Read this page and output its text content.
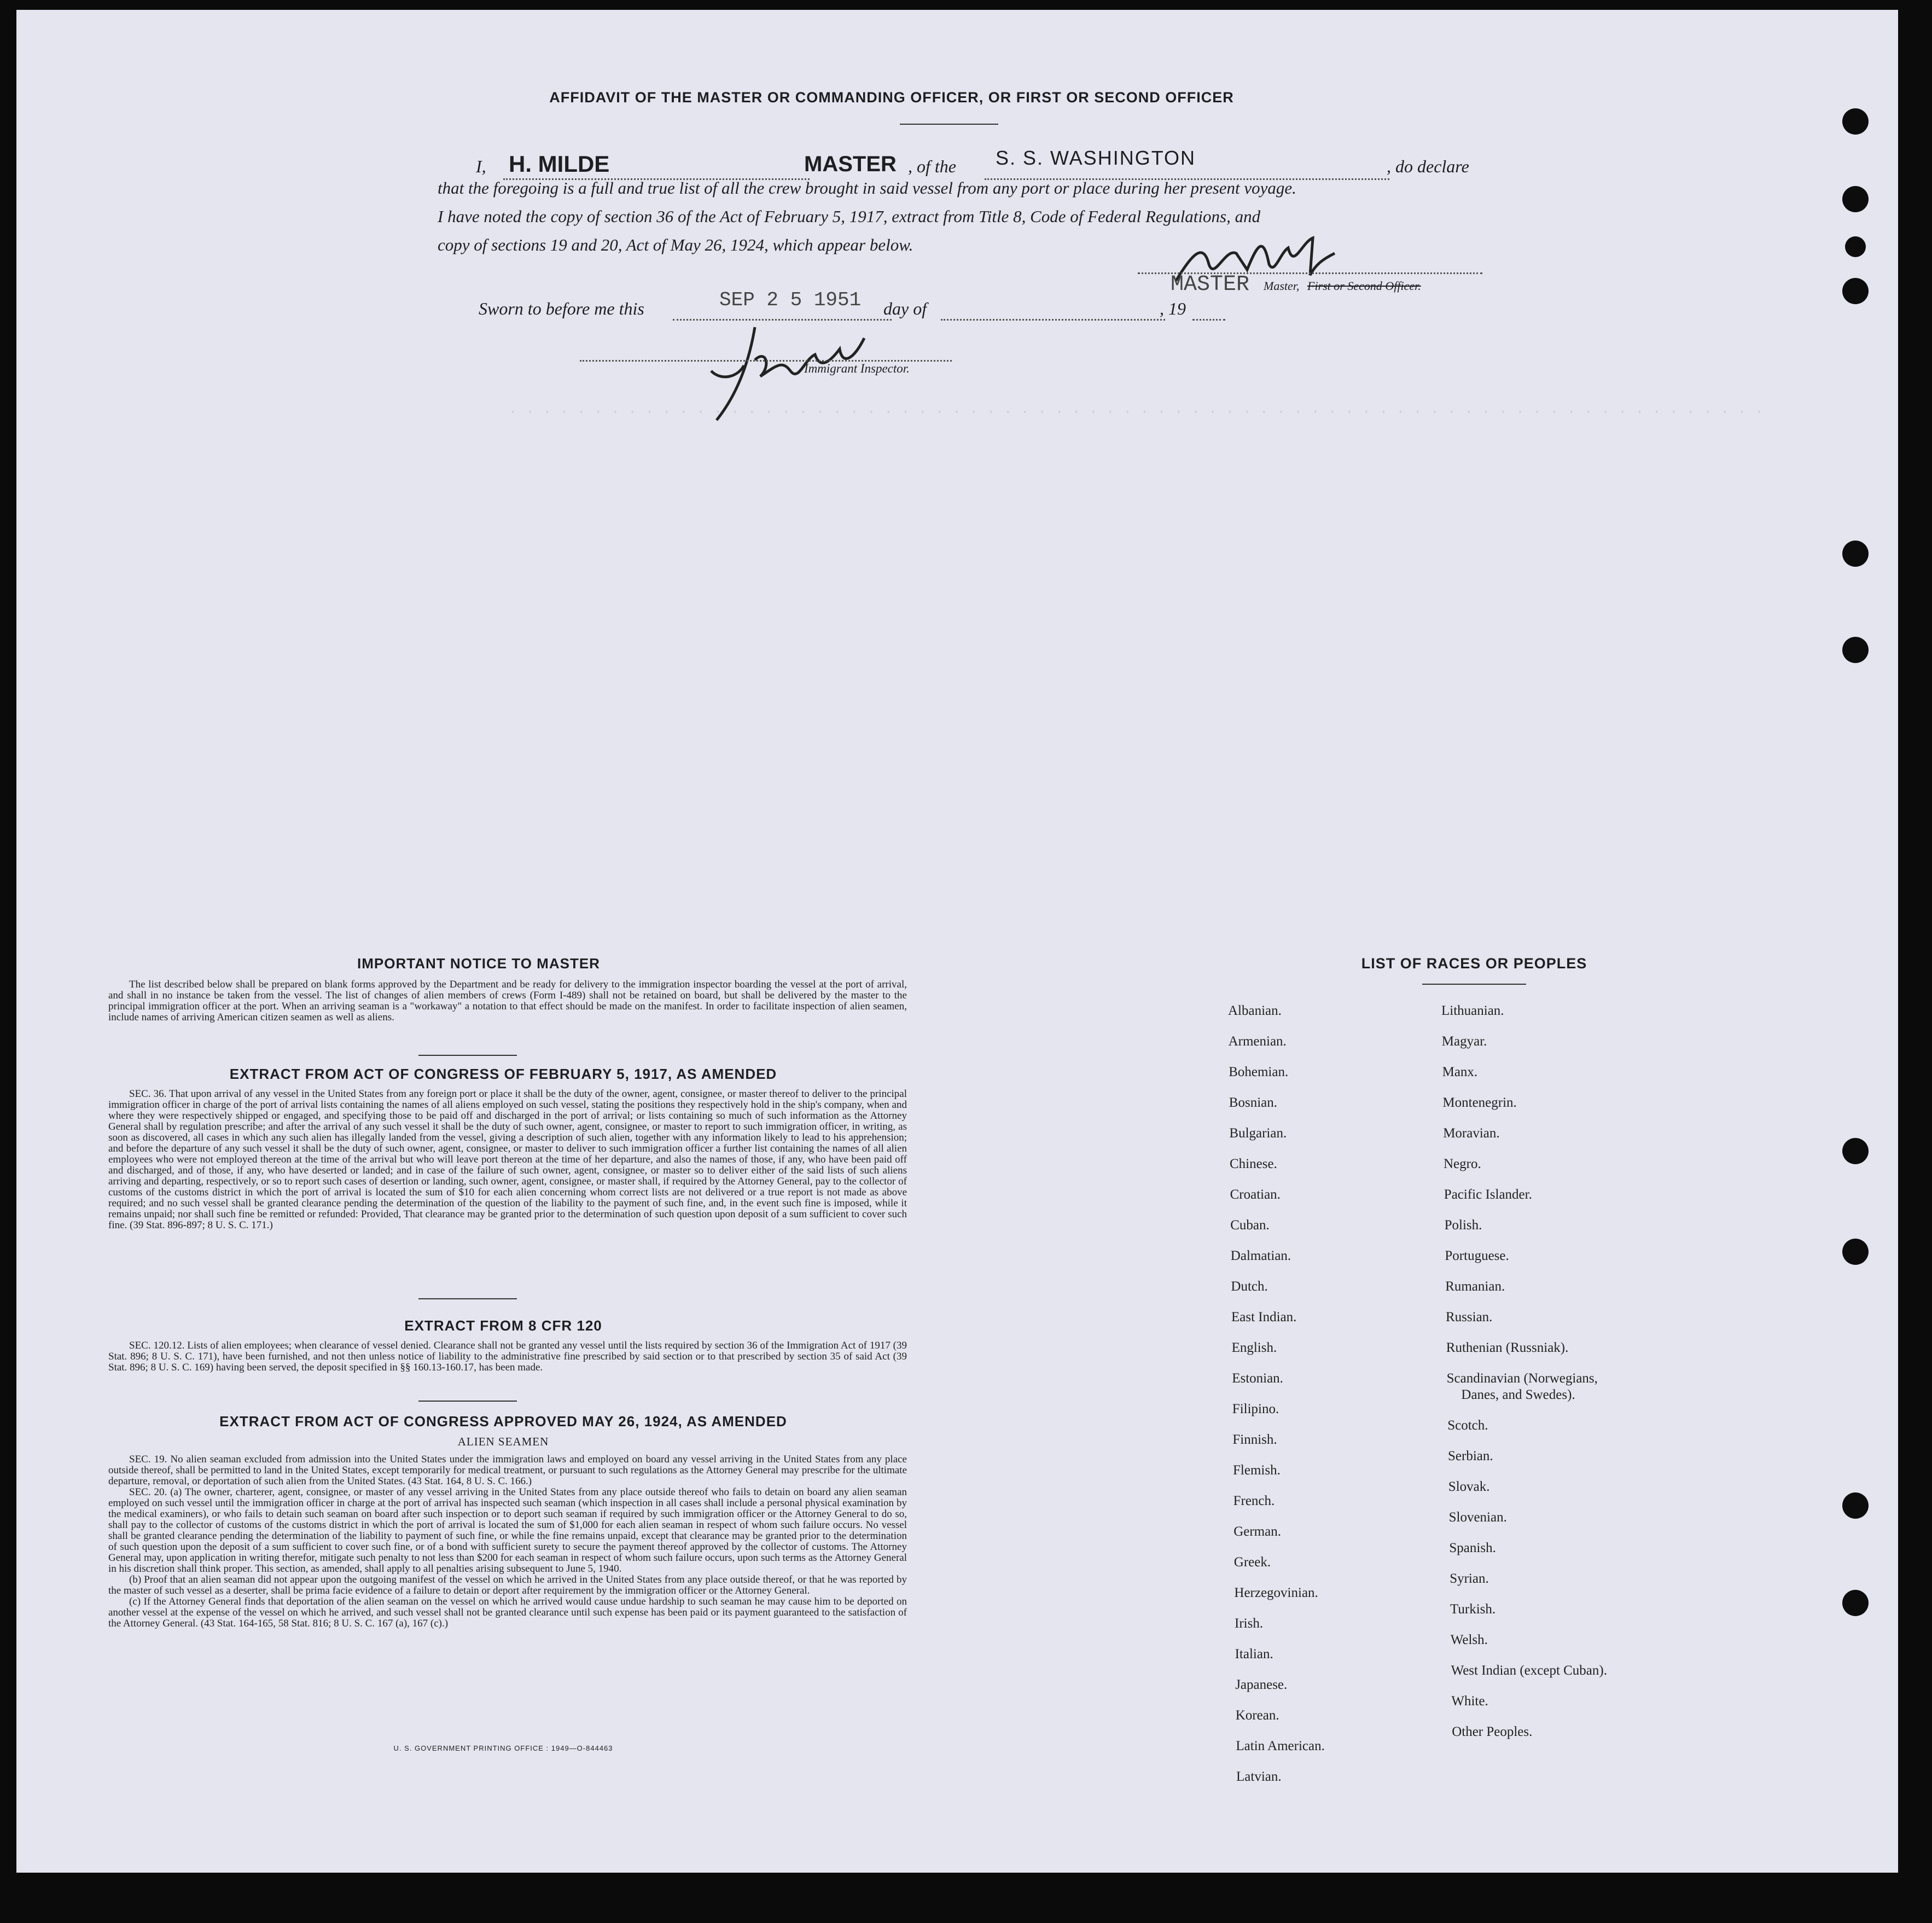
AFFIDAVIT OF THE MASTER OR COMMANDING OFFICER, OR FIRST OR SECOND OFFICER
I, H. MILDE	MASTER , of the S. S. WASHINGTON	, do declare
that the foregoing is a full and true list of all the crew brought in said vessel from any port or place during her present voyage.
I have noted the copy of section 36 of the Act of February 5, 1917, extract from Title 8, Code of Federal Regulations, and
copy of sections 19 and 20, Act of May 26, 1924, which appear below.
MASTER Master, First or Second Officer.
Sworn to before me this	SEP 2 5 1951 day of	, 19
Immigrant Inspector.
· · · · · · · · · · · · · · · · · · · · · · · · · · · · · · · · · · · · · · · · · · · · · · · · · · · · · · · · · · · · · · · · · · · · · · · · · ·
IMPORTANT NOTICE TO MASTER

The list described below shall be prepared on blank forms approved by the Department and be ready for delivery to the immigration inspector boarding the vessel at the port of arrival, and shall in no instance be taken from the vessel. The list of changes of alien members of crews (Form I-489) shall not be retained on board, but shall be delivered by the master to the principal immigration officer at the port. When an arriving seaman is a "workaway" a notation to that effect should be made on the manifest. In order to facilitate inspection of alien seamen, include names of arriving American citizen seamen as well as aliens.

EXTRACT FROM ACT OF CONGRESS OF FEBRUARY 5, 1917, AS AMENDED

SEC. 36. That upon arrival of any vessel in the United States from any foreign port or place it shall be the duty of the owner, agent, consignee, or master thereof to deliver to the principal immigration officer in charge of the port of arrival lists containing the names of all aliens employed on such vessel, stating the positions they respectively hold in the ship's company, when and where they were respectively shipped or engaged, and specifying those to be paid off and discharged in the port of arrival; or lists containing so much of such information as the Attorney General shall by regulation prescribe; and after the arrival of any such vessel it shall be the duty of such owner, agent, consignee, or master to report to such immigration officer, in writing, as soon as discovered, all cases in which any such alien has illegally landed from the vessel, giving a description of such alien, together with any information likely to lead to his apprehension; and before the departure of any such vessel it shall be the duty of such owner, agent, consignee, or master to deliver to such immigration officer a further list containing the names of all alien employees who were not employed thereon at the time of the arrival but who will leave port thereon at the time of her departure, and also the names of those, if any, who have been paid off and discharged, and of those, if any, who have deserted or landed; and in case of the failure of such owner, agent, consignee, or master so to deliver either of the said lists of such aliens arriving and departing, respectively, or so to report such cases of desertion or landing, such owner, agent, consignee, or master shall, if required by the Attorney General, pay to the collector of customs of the customs district in which the port of arrival is located the sum of $10 for each alien concerning whom correct lists are not delivered or a true report is not made as above required; and no such vessel shall be granted clearance pending the determination of the question of the liability to the payment of such fine, and, in the event such fine is imposed, while it remains unpaid; nor shall such fine be remitted or refunded: Provided, That clearance may be granted prior to the determination of such question upon deposit of a sum sufficient to cover such fine. (39 Stat. 896-897; 8 U. S. C. 171.)

EXTRACT FROM 8 CFR 120

SEC. 120.12. Lists of alien employees; when clearance of vessel denied. Clearance shall not be granted any vessel until the lists required by section 36 of the Immigration Act of 1917 (39 Stat. 896; 8 U. S. C. 171), have been furnished, and not then unless notice of liability to the administrative fine prescribed by said section or to that prescribed by section 35 of said Act (39 Stat. 896; 8 U. S. C. 169) having been served, the deposit specified in §§ 160.13-160.17, has been made.

EXTRACT FROM ACT OF CONGRESS APPROVED MAY 26, 1924, AS AMENDED
ALIEN SEAMEN

SEC. 19. No alien seaman excluded from admission into the United States under the immigration laws and employed on board any vessel arriving in the United States from any place outside thereof, shall be permitted to land in the United States, except temporarily for medical treatment, or pursuant to such regulations as the Attorney General may prescribe for the ultimate departure, removal, or deportation of such alien from the United States. (43 Stat. 164, 8 U. S. C. 166.)

SEC. 20. (a) The owner, charterer, agent, consignee, or master of any vessel arriving in the United States from any place outside thereof who fails to detain on board any alien seaman employed on such vessel until the immigration officer in charge at the port of arrival has inspected such seaman (which inspection in all cases shall include a personal physical examination by the medical examiners), or who fails to detain such seaman on board after such inspection or to deport such seaman if required by such immigration officer or the Attorney General to do so, shall pay to the collector of customs of the customs district in which the port of arrival is located the sum of $1,000 for each alien seaman in respect of whom such failure occurs. No vessel shall be granted clearance pending the determination of the liability to payment of such fine, or while the fine remains unpaid, except that clearance may be granted prior to the determination of such question upon the deposit of a sum sufficient to cover such fine, or of a bond with sufficient surety to secure the payment thereof approved by the collector of customs. The Attorney General may, upon application in writing therefor, mitigate such penalty to not less than $200 for each seaman in respect of whom such failure occurs, upon such terms as the Attorney General in his discretion shall think proper. This section, as amended, shall apply to all penalties arising subsequent to June 5, 1940.

(b) Proof that an alien seaman did not appear upon the outgoing manifest of the vessel on which he arrived in the United States from any place outside thereof, or that he was reported by the master of such vessel as a deserter, shall be prima facie evidence of a failure to detain or deport after requirement by the immigration officer or the Attorney General.

(c) If the Attorney General finds that deportation of the alien seaman on the vessel on which he arrived would cause undue hardship to such seaman he may cause him to be deported on another vessel at the expense of the vessel on which he arrived, and such vessel shall not be granted clearance until such expense has been paid or its payment guaranteed to the satisfaction of the Attorney General. (43 Stat. 164-165, 58 Stat. 816; 8 U. S. C. 167 (a), 167 (c).)

U. S. GOVERNMENT PRINTING OFFICE : 1949—O-844463
LIST OF RACES OR PEOPLES
Albanian.
Armenian.
Bohemian.
Bosnian.
Bulgarian.
Chinese.
Croatian.
Cuban.
Dalmatian.
Dutch.
East Indian.
English.
Estonian.
Filipino.
Finnish.
Flemish.
French.
German.
Greek.
Herzegovinian.
Irish.
Italian.
Japanese.
Korean.
Latin American.
Latvian.
Lithuanian.
Magyar.
Manx.
Montenegrin.
Moravian.
Negro.
Pacific Islander.
Polish.
Portuguese.
Rumanian.
Russian.
Ruthenian (Russniak).
Scandinavian (Norwegians,
Danes, and Swedes).
Scotch.
Serbian.
Slovak.
Slovenian.
Spanish.
Syrian.
Turkish.
Welsh.
West Indian (except Cuban).
White.
Other Peoples.
